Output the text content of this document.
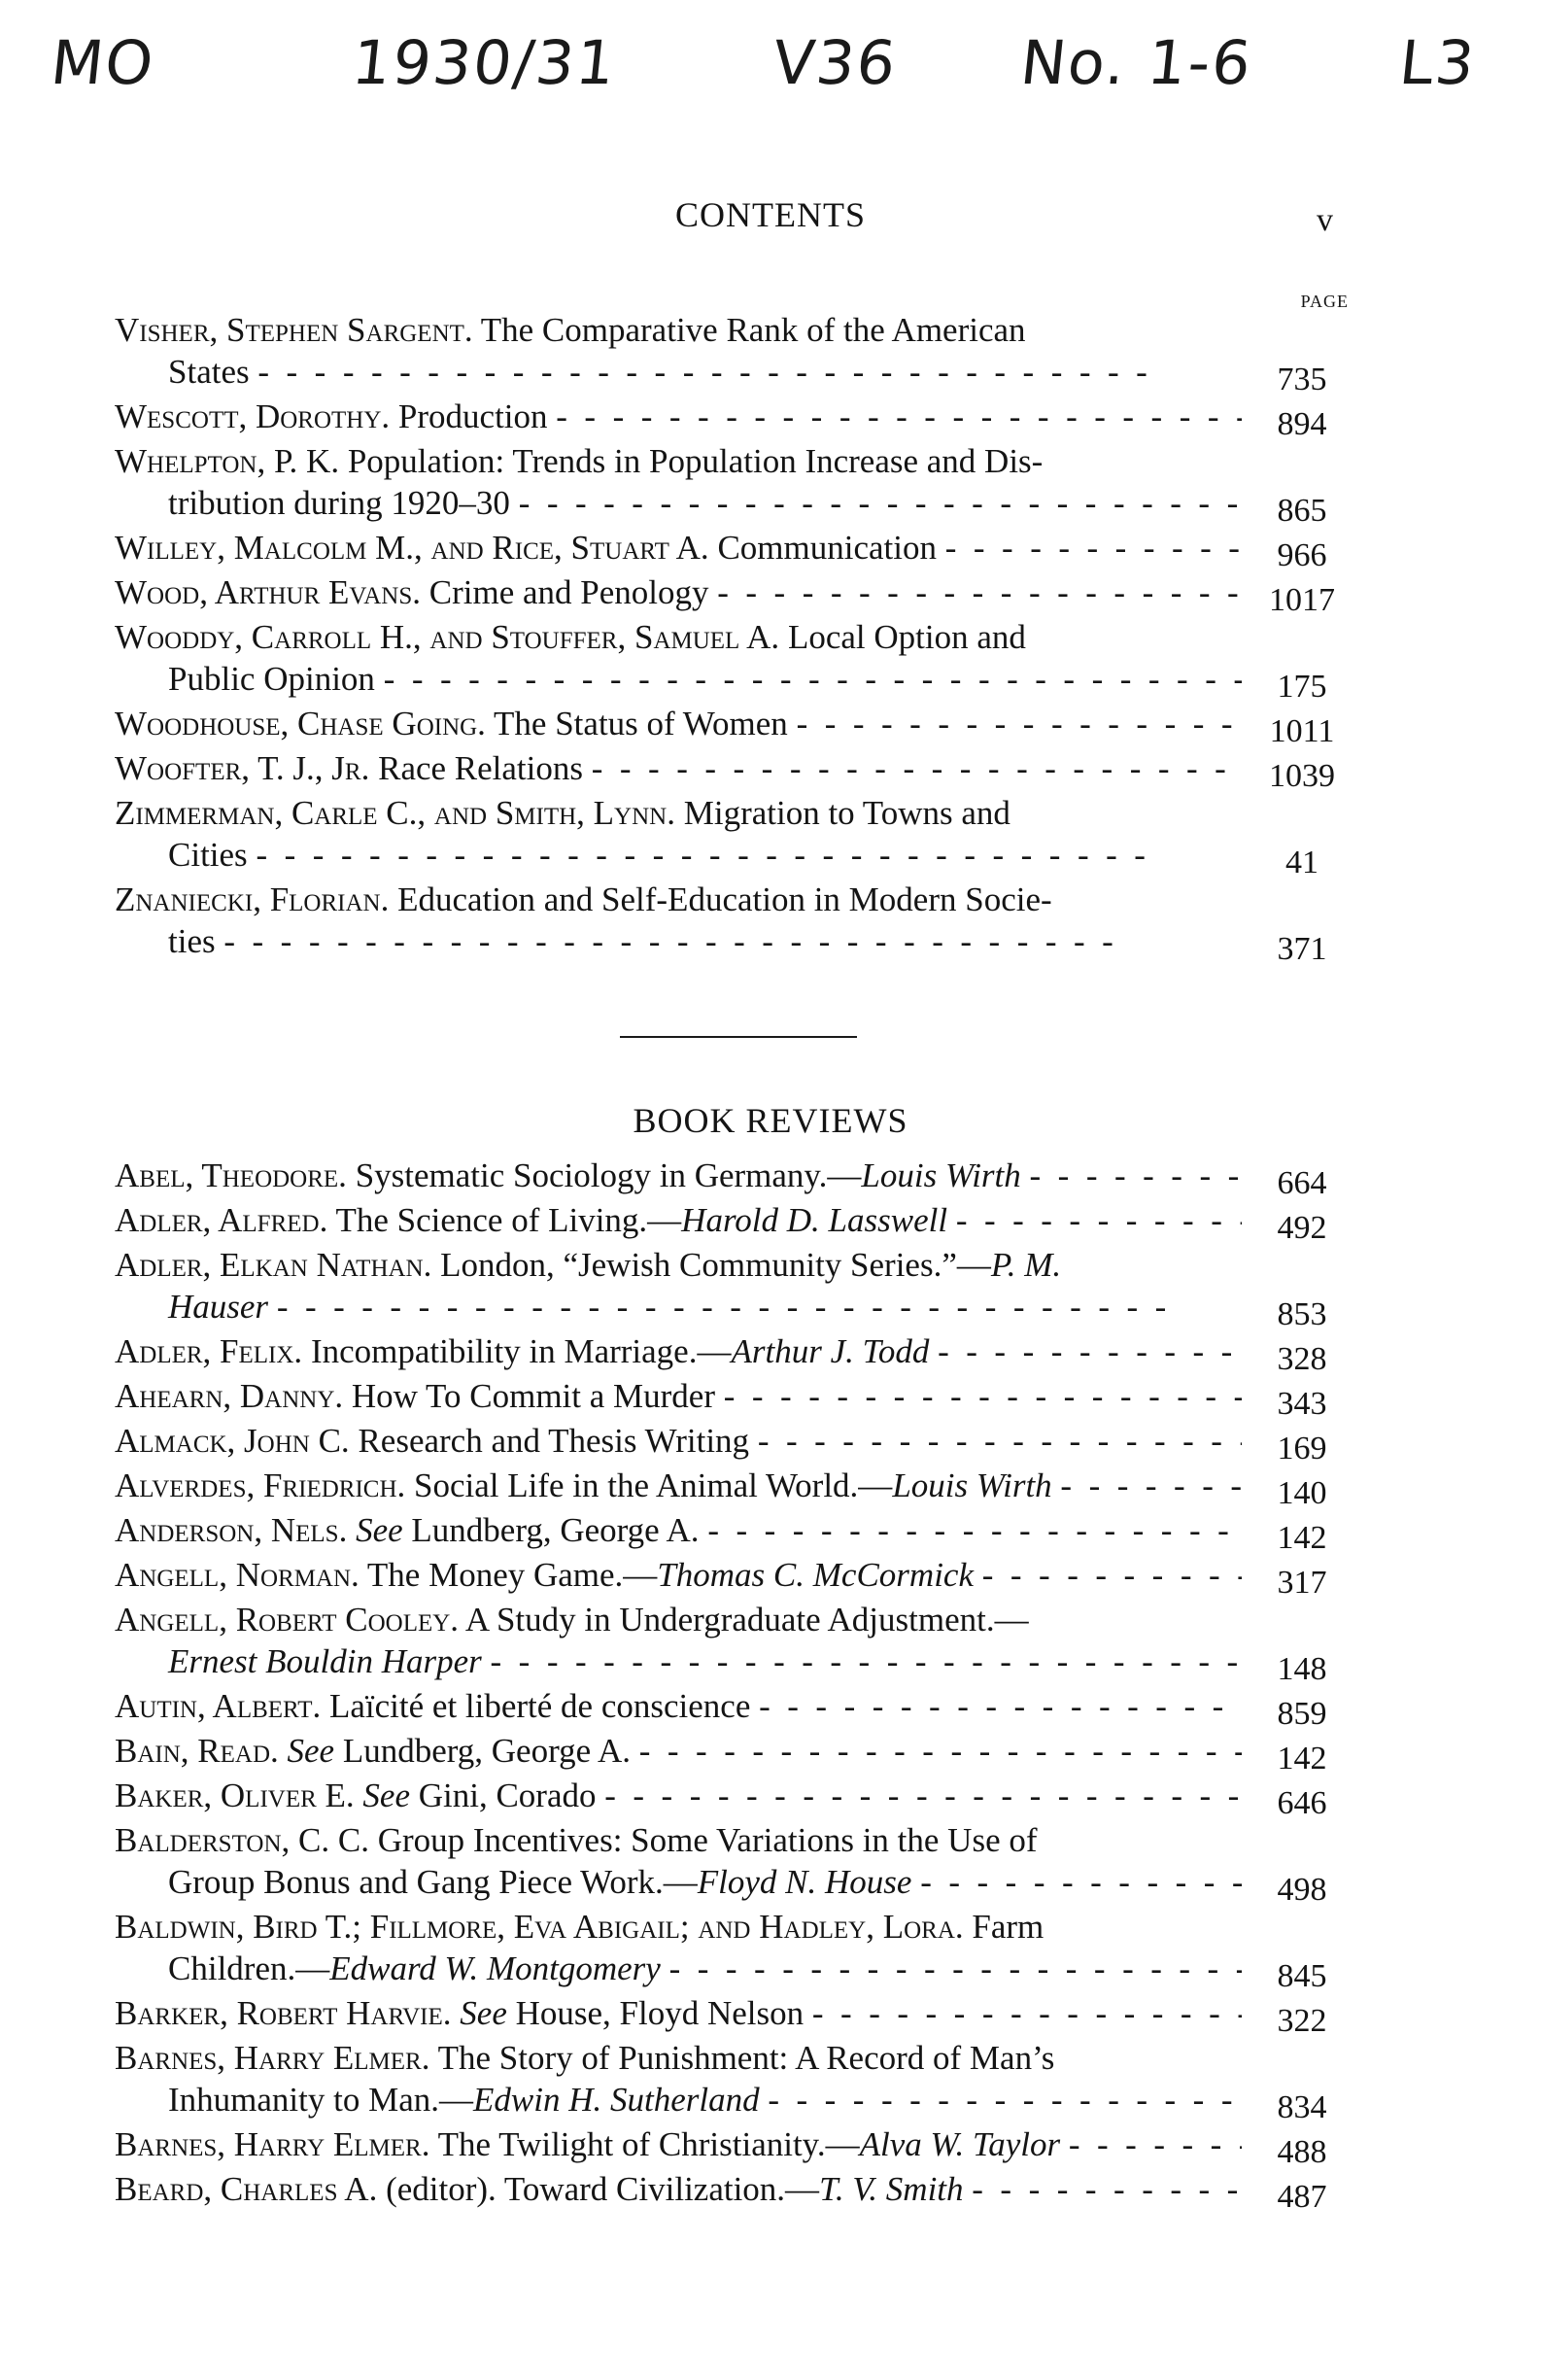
MO	1930/31 V36 No. 1-6 L3
CONTENTS	v
PAGE
Visher, Stephen Sargent. The Comparative Rank of the American
States - -	735
Wescott, Dorothy. Production - -	894
Whelpton, P. K. Population: Trends in Population Increase and Dis-
tribution during 1920–30 - -	865
Willey, Malcolm M., and Rice, Stuart A. Communication - -	966
Wood, Arthur Evans. Crime and Penology - -	1017
Wooddy, Carroll H., and Stouffer, Samuel A. Local Option and
Public Opinion - -	175
Woodhouse, Chase Going. The Status of Women - -	1011
Woofter, T. J., Jr. Race Relations - -	1039
Zimmerman, Carle C., and Smith, Lynn. Migration to Towns and
Cities - -	41
Znaniecki, Florian. Education and Self-Education in Modern Socie-
ties - -	371
BOOK REVIEWS
Abel, Theodore. Systematic Sociology in Germany.—Louis Wirth - -	664
Adler, Alfred. The Science of Living.—Harold D. Lasswell - -	492
Adler, Elkan Nathan. London, “Jewish Community Series.”—P. M.
Hauser - -	853
Adler, Felix. Incompatibility in Marriage.—Arthur J. Todd - -	328
Ahearn, Danny. How To Commit a Murder - -	343
Almack, John C. Research and Thesis Writing - -	169
Alverdes, Friedrich. Social Life in the Animal World.—Louis Wirth - -	140
Anderson, Nels. See Lundberg, George A. - -	142
Angell, Norman. The Money Game.—Thomas C. McCormick - -	317
Angell, Robert Cooley. A Study in Undergraduate Adjustment.—
Ernest Bouldin Harper - -	148
Autin, Albert. Laïcité et liberté de conscience - -	859
Bain, Read. See Lundberg, George A. - -	142
Baker, Oliver E. See Gini, Corado - -	646
Balderston, C. C. Group Incentives: Some Variations in the Use of
Group Bonus and Gang Piece Work.—Floyd N. House - -	498
Baldwin, Bird T.; Fillmore, Eva Abigail; and Hadley, Lora. Farm
Children.—Edward W. Montgomery - -	845
Barker, Robert Harvie. See House, Floyd Nelson - -	322
Barnes, Harry Elmer. The Story of Punishment: A Record of Man’s
Inhumanity to Man.—Edwin H. Sutherland - -	834
Barnes, Harry Elmer. The Twilight of Christianity.—Alva W. Taylor - -	488
Beard, Charles A. (editor). Toward Civilization.—T. V. Smith - -	487
